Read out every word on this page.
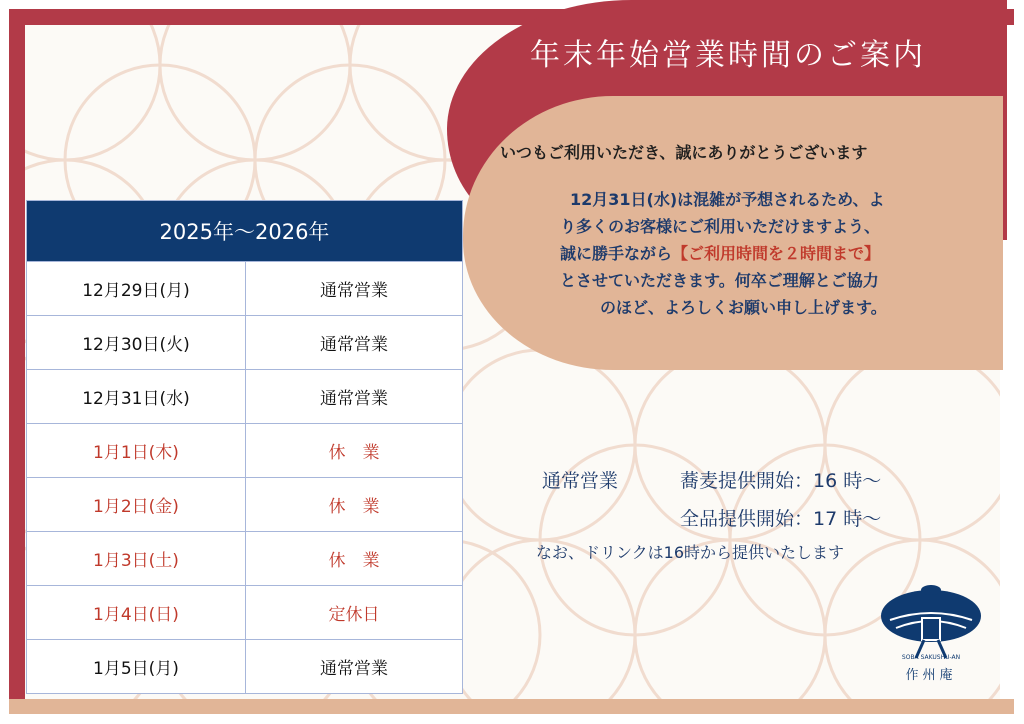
年末年始営業時間のご案内
いつもご利用いただき、誠にありがとうございます
12月31日(水)は混雑が予想されるため、よ
り多くのお客様にご利用いただけますよう、
誠に勝手ながら【ご利用時間を２時間まで】
とさせていただきます。何卒ご理解とご協力
のほど、よろしくお願い申し上げます。
2025年～2026年	
12月29日(月)	通常営業
12月30日(火)	通常営業
12月31日(水)	通常営業
1月1日(木)	休　業
1月2日(金)	休　業
1月3日(土)	休　業
1月4日(日)	定休日
1月5日(月)	通常営業
通常営業	蕎麦提供開始：16 時～
全品提供開始：17 時～
なお、ドリンクは16時から提供いたします
SOBA SAKUSHU-AN
作州庵
